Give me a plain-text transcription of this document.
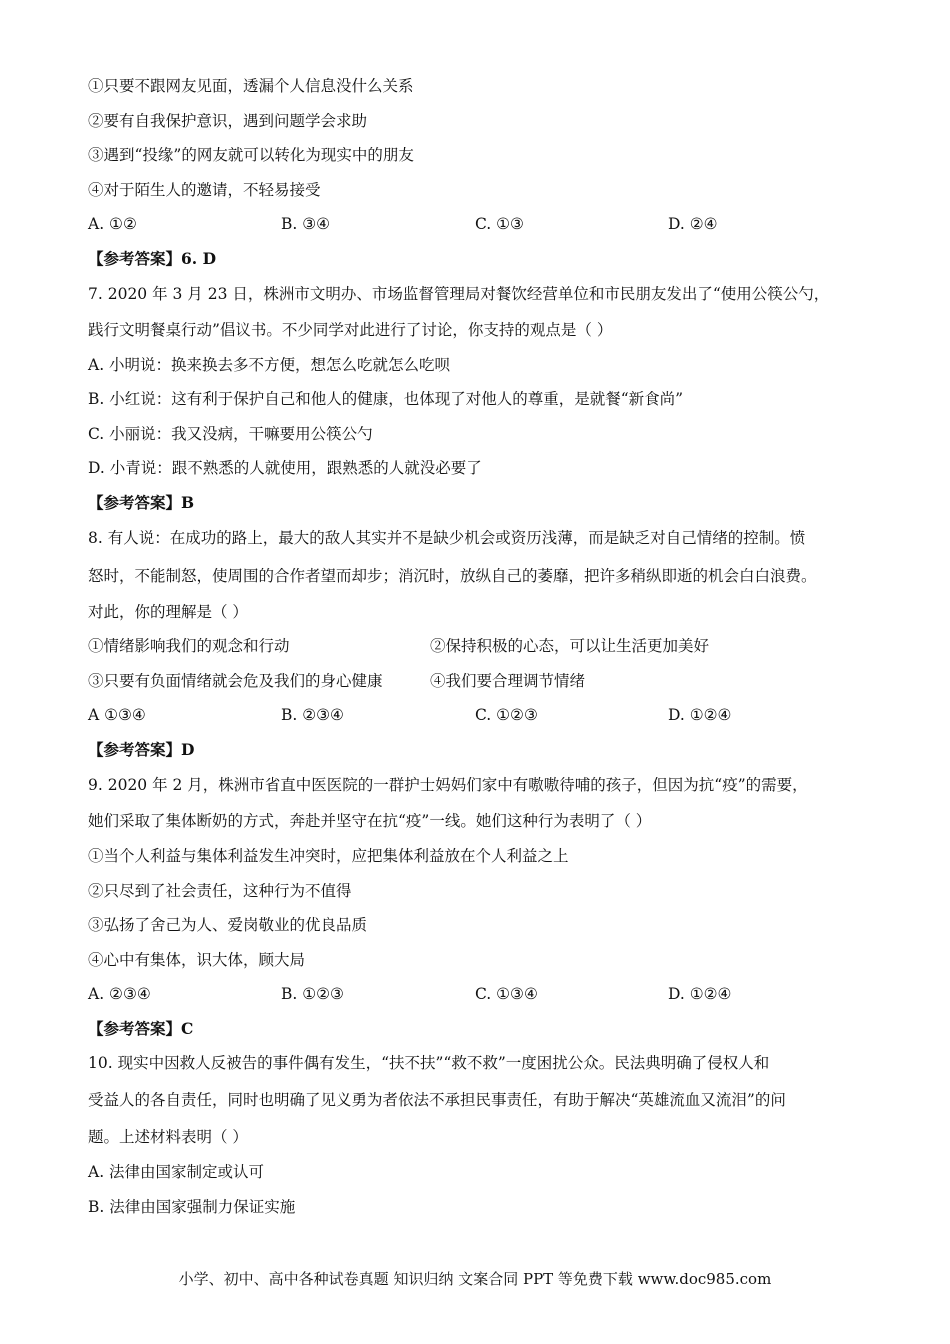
①只要不跟网友见面，透漏个人信息没什么关系
②要有自我保护意识，遇到问题学会求助
③遇到“投缘”的网友就可以转化为现实中的朋友
④对于陌生人的邀请，不轻易接受
A. ①②	B. ③④	C. ①③	D. ②④
【参考答案】6. D
7. 2020 年 3 月 23 日，株洲市文明办、市场监督管理局对餐饮经营单位和市民朋友发出了“使用公筷公勺，
践行文明餐桌行动”倡议书。不少同学对此进行了讨论，你支持的观点是（ ）
A. 小明说：换来换去多不方便，想怎么吃就怎么吃呗
B. 小红说：这有利于保护自己和他人的健康，也体现了对他人的尊重，是就餐“新食尚”
C. 小丽说：我又没病，干嘛要用公筷公勺
D. 小青说：跟不熟悉的人就使用，跟熟悉的人就没必要了
【参考答案】B
8. 有人说：在成功的路上，最大的敌人其实并不是缺少机会或资历浅薄，而是缺乏对自己情绪的控制。愤
怒时，不能制怒，使周围的合作者望而却步；消沉时，放纵自己的萎靡，把许多稍纵即逝的机会白白浪费。
对此，你的理解是（ ）
①情绪影响我们的观念和行动	②保持积极的心态，可以让生活更加美好
③只要有负面情绪就会危及我们的身心健康	④我们要合理调节情绪
A ①③④	B. ②③④	C. ①②③	D. ①②④
【参考答案】D
9. 2020 年 2 月，株洲市省直中医医院的一群护士妈妈们家中有嗷嗷待哺的孩子，但因为抗“疫”的需要，
她们采取了集体断奶的方式，奔赴并坚守在抗“疫”一线。她们这种行为表明了（ ）
①当个人利益与集体利益发生冲突时，应把集体利益放在个人利益之上
②只尽到了社会责任，这种行为不值得
③弘扬了舍己为人、爱岗敬业的优良品质
④心中有集体，识大体，顾大局
A. ②③④	B. ①②③	C. ①③④	D. ①②④
【参考答案】C
10. 现实中因救人反被告的事件偶有发生，“扶不扶”“救不救”一度困扰公众。民法典明确了侵权人和
受益人的各自责任，同时也明确了见义勇为者依法不承担民事责任，有助于解决“英雄流血又流泪”的问
题。上述材料表明（ ）
A. 法律由国家制定或认可
B. 法律由国家强制力保证实施
小学、初中、高中各种试卷真题 知识归纳 文案合同 PPT 等免费下载 www.doc985.com
